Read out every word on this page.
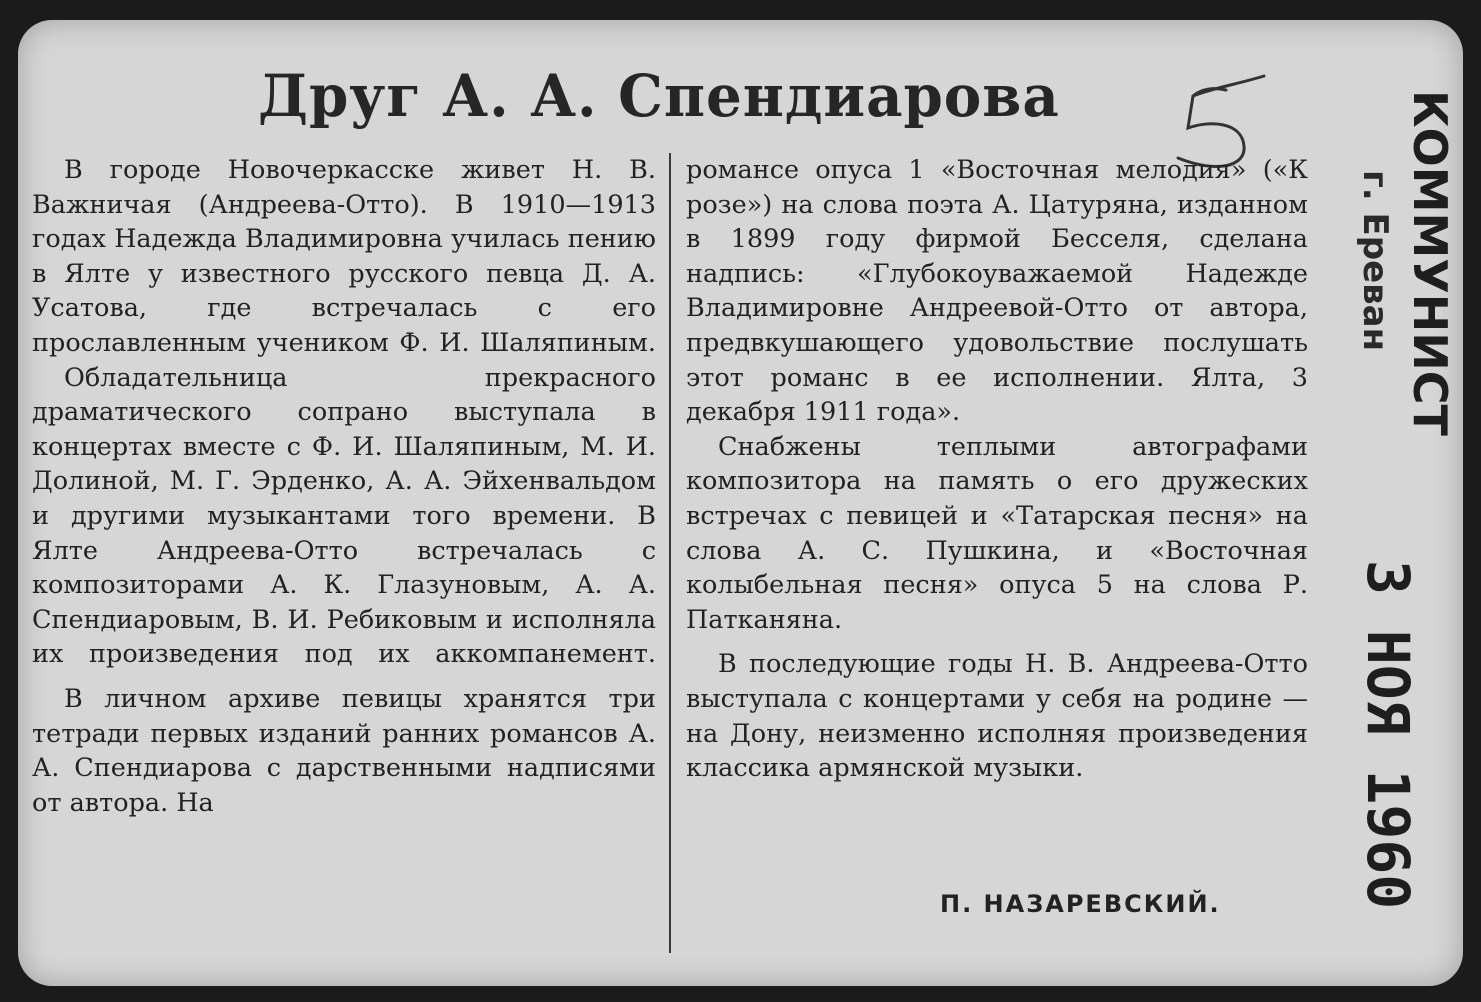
Друг А. А. Спендиарова

В городе Новочеркасске живет Н. В. Важничая (Андреева-Отто). В 1910—1913 годах Надежда Владимировна училась пению в Ялте у известного русского певца Д. А. Усатова, где встречалась с его прославленным учеником Ф. И. Шаляпиным.

Обладательница прекрасного драматического сопрано выступала в концертах вместе с Ф. И. Шаляпиным, М. И. Долиной, М. Г. Эрденко, А. А. Эйхенвальдом и другими музыкантами того времени. В Ялте Андреева-Отто встречалась с композиторами А. К. Глазуновым, А. А. Спендиаровым, В. И. Ребиковым и исполняла их произведения под их аккомпанемент.

В личном архиве певицы хранятся три тетради первых изданий ранних романсов А. А. Спендиарова с дарственными надписями от автора. На

романсе опуса 1 «Восточная мелодия» («К розе») на слова поэта А. Цатуряна, изданном в 1899 году фирмой Бесселя, сделана надпись: «Глубокоуважаемой Надежде Владимировне Андреевой-Отто от автора, предвкушающего удовольствие послушать этот романс в ее исполнении. Ялта, 3 декабря 1911 года».

Снабжены теплыми автографами композитора на память о его дружеских встречах с певицей и «Татарская песня» на слова А. С. Пушкина, и «Восточная колыбельная песня» опуса 5 на слова Р. Патканяна.

В последующие годы Н. В. Андреева-Отто выступала с концертами у себя на родине — на Дону, неизменно исполняя произведения классика армянской музыки.

П. НАЗАРЕВСКИЙ.
КОММУНИСТ
г. Ереван
3 НОЯ 1960
